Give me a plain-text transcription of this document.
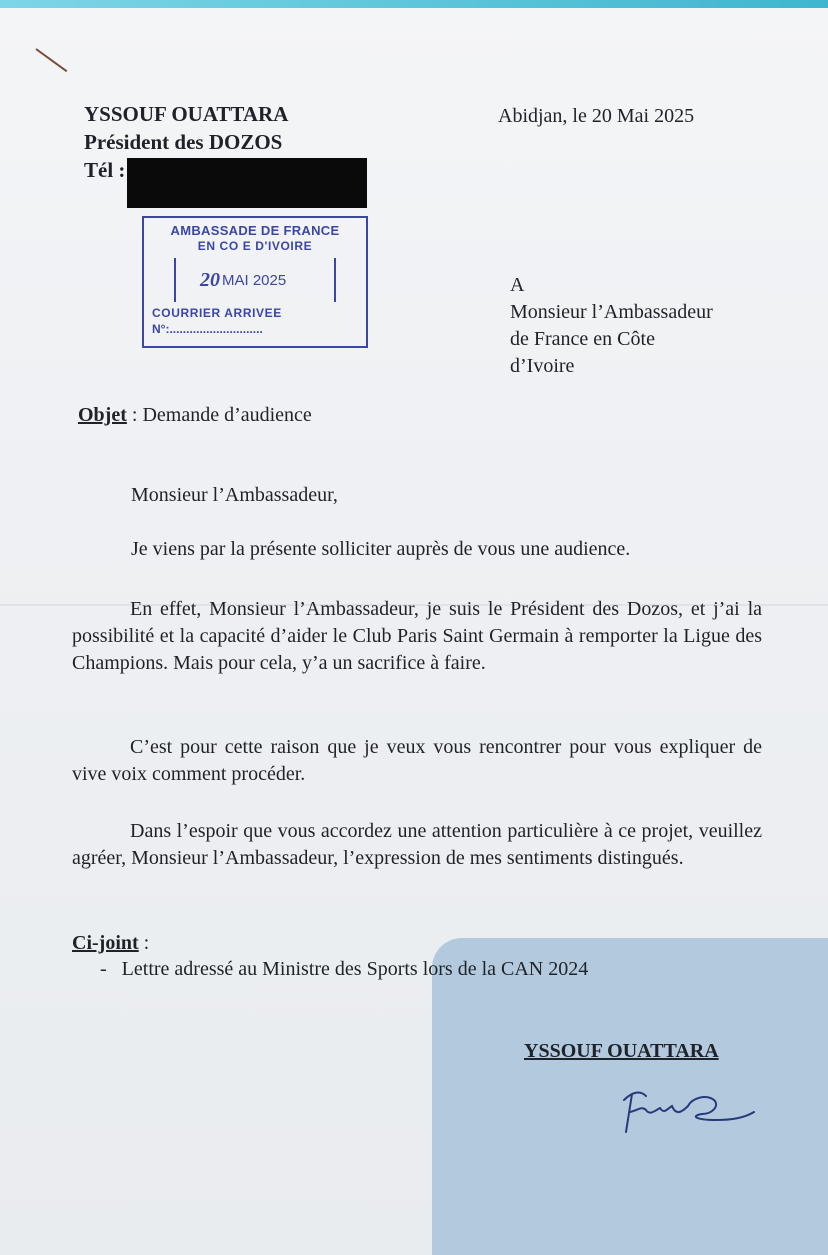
YSSOUF OUATTARA
Président des DOZOS
Tél :
Abidjan, le 20 Mai 2025
AMBASSADE DE FRANCE
EN CO E D'IVOIRE
20 MAI 2025
COURRIER ARRIVEE
N°:............................
A
Monsieur l’Ambassadeur
de France en Côte
d’Ivoire
Objet : Demande d’audience
Monsieur l’Ambassadeur,
Je viens par la présente solliciter auprès de vous une audience.
En effet, Monsieur l’Ambassadeur, je suis le Président des Dozos, et j’ai la possibilité et la capacité d’aider le Club Paris Saint Germain à remporter la Ligue des Champions. Mais pour cela, y’a un sacrifice à faire.
C’est pour cette raison que je veux vous rencontrer pour vous expliquer de vive voix comment procéder.
Dans l’espoir que vous accordez une attention particulière à ce projet, veuillez agréer, Monsieur l’Ambassadeur, l’expression de mes sentiments distingués.
Ci-joint :
-   Lettre adressé au Ministre des Sports lors de la CAN 2024
YSSOUF OUATTARA
